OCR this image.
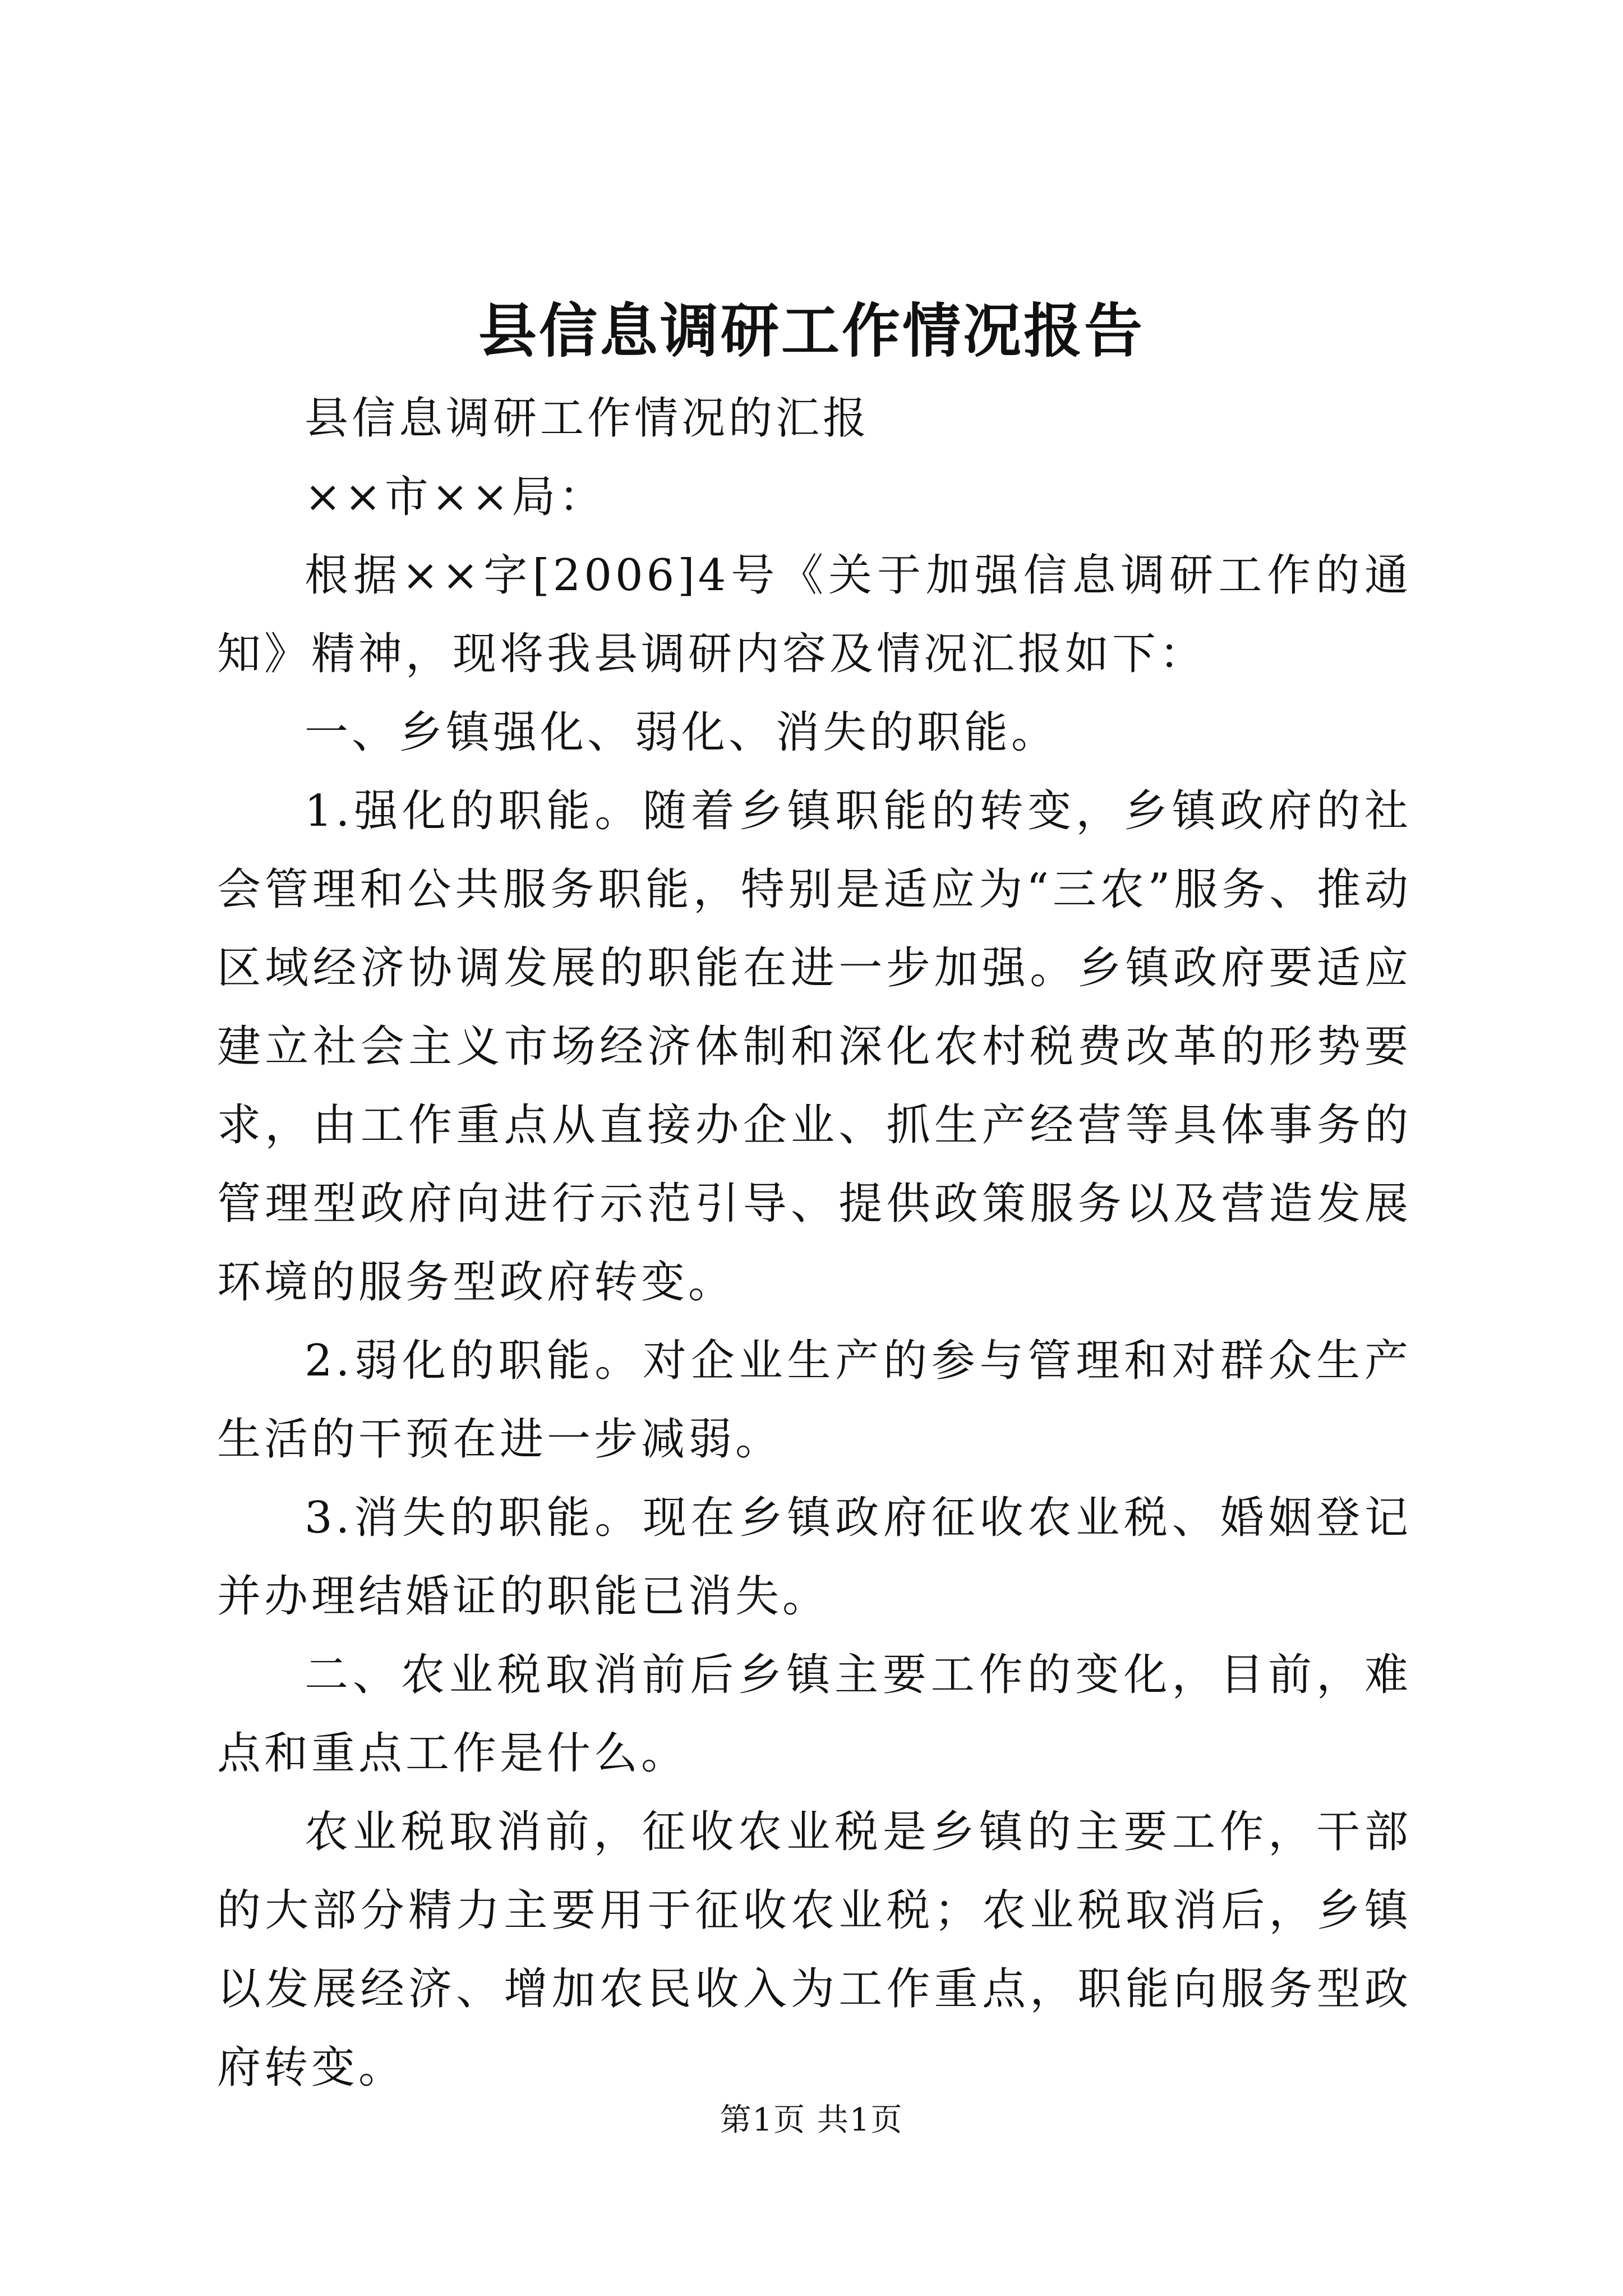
县信息调研工作情况报告

县信息调研工作情况的汇报

××市××局：

根据××字[2006]4号《关于加强信息调研工作的通知》精神，现将我县调研内容及情况汇报如下：

一、乡镇强化、弱化、消失的职能。

1.强化的职能。随着乡镇职能的转变，乡镇政府的社会管理和公共服务职能，特别是适应为“三农”服务、推动区域经济协调发展的职能在进一步加强。乡镇政府要适应建立社会主义市场经济体制和深化农村税费改革的形势要求，由工作重点从直接办企业、抓生产经营等具体事务的管理型政府向进行示范引导、提供政策服务以及营造发展环境的服务型政府转变。

2.弱化的职能。对企业生产的参与管理和对群众生产生活的干预在进一步减弱。

3.消失的职能。现在乡镇政府征收农业税、婚姻登记并办理结婚证的职能已消失。

二、农业税取消前后乡镇主要工作的变化，目前，难点和重点工作是什么。

农业税取消前，征收农业税是乡镇的主要工作，干部的大部分精力主要用于征收农业税；农业税取消后，乡镇以发展经济、增加农民收入为工作重点，职能向服务型政府转变。

第1页 共1页
